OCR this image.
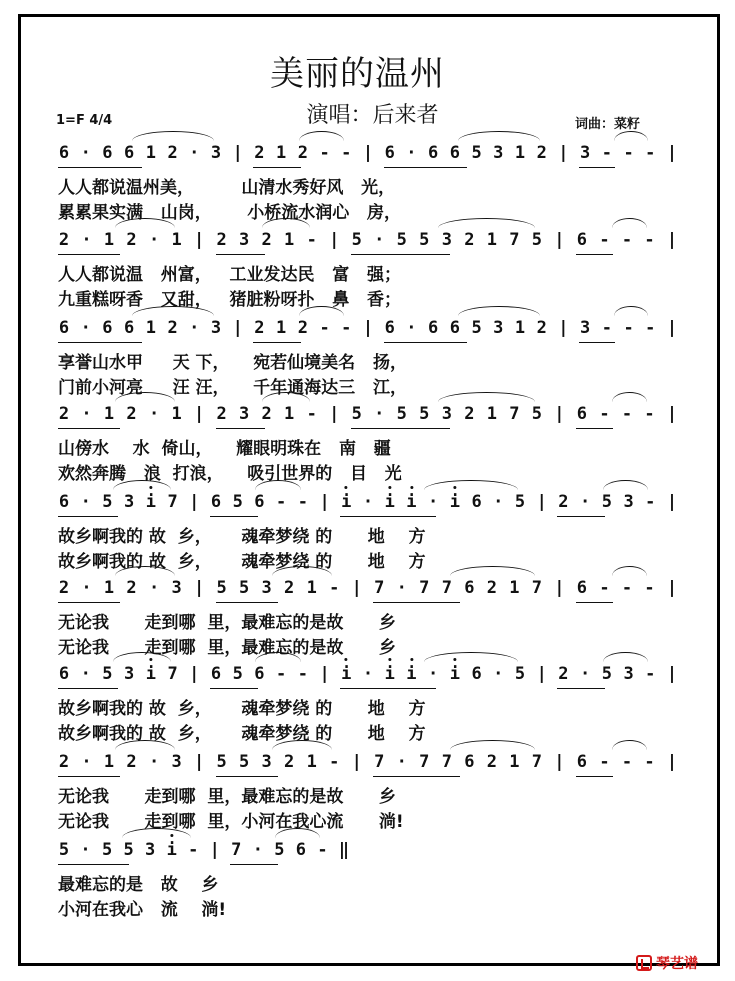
美丽的温州
演唱：后来者
1=F 4/4	词曲：菜籽
6 · 6 6 1 2 · 3 | 2 1 2 - - | 6 · 6 6 5 3 1 2 | 3 - - - |
人人都说温州美，        山清水秀好风   光，
累累果实满   山岗，      小桥流水润心   房，
2 · 1 2 · 1 | 2 3 2 1 - | 5 · 5 5 3 2 1 7 5 | 6 - - - |
人人都说温   州富，   工业发达民   富   强；
九重糕呀香   又甜，   猪脏粉呀扑   鼻   香；
6 · 6 6 1 2 · 3 | 2 1 2 - - | 6 · 6 6 5 3 1 2 | 3 - - - |
享誉山水甲     天 下，    宛若仙境美名   扬，
门前小河亮     汪 汪，    千年通海达三   江，
2 · 1 2 · 1 | 2 3 2 1 - | 5 · 5 5 3 2 1 7 5 | 6 - - - |
山傍水    水  倚山，    耀眼明珠在   南   疆
欢然奔腾   浪  打浪，    吸引世界的   目   光
6 · 5 3 i 7 | 6 5 6 - - | i · i i · i 6 · 5 | 2 · 5 3 - |
故乡啊我的 故  乡，     魂牵梦绕 的      地    方
故乡啊我的 故  乡，     魂牵梦绕 的      地    方
2 · 1 2 · 3 | 5 5 3 2 1 - | 7 · 7 7 6 2 1 7 | 6 - - - |
无论我      走到哪  里，最难忘的是故      乡
无论我      走到哪  里，最难忘的是故      乡
6 · 5 3 i 7 | 6 5 6 - - | i · i i · i 6 · 5 | 2 · 5 3 - |
故乡啊我的 故  乡，     魂牵梦绕 的      地    方
故乡啊我的 故  乡，     魂牵梦绕 的      地    方
2 · 1 2 · 3 | 5 5 3 2 1 - | 7 · 7 7 6 2 1 7 | 6 - - - |
无论我      走到哪  里，最难忘的是故      乡
无论我      走到哪  里，小河在我心流      淌!
5 · 5 5 3 i - | 7 · 5 6 - ‖
最难忘的是   故    乡
小河在我心   流    淌!
琴艺谱
